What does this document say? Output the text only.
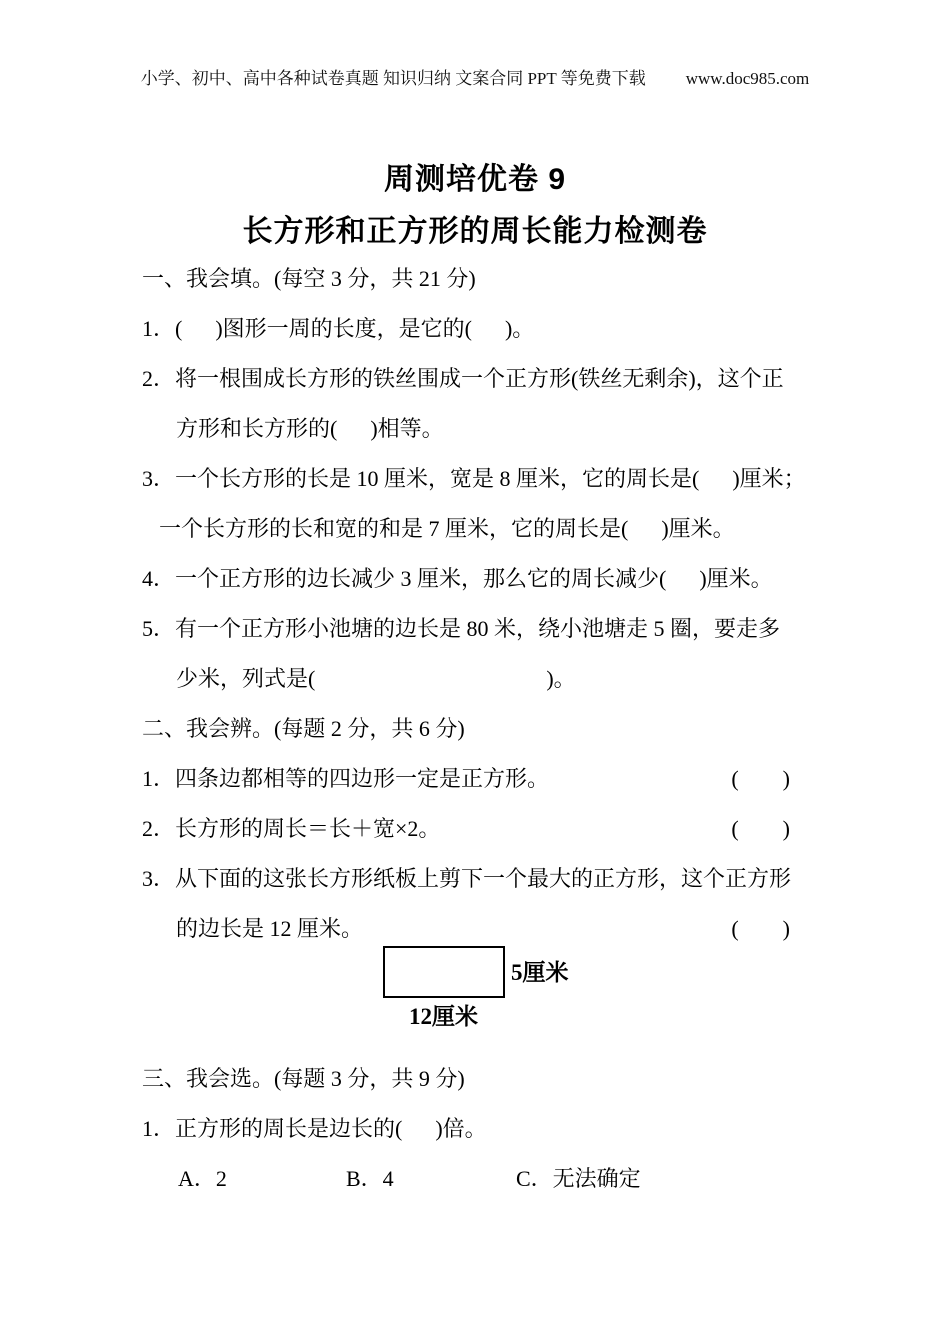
小学、初中、高中各种试卷真题 知识归纳 文案合同 PPT 等免费下载 www.doc985.com
周测培优卷 9
长方形和正方形的周长能力检测卷
一、我会填。(每空 3 分，共 21 分)
1．(      )图形一周的长度，是它的(      )。
2．将一根围成长方形的铁丝围成一个正方形(铁丝无剩余)，这个正
方形和长方形的(      )相等。
3．一个长方形的长是 10 厘米，宽是 8 厘米，它的周长是(      )厘米；
一个长方形的长和宽的和是 7 厘米，它的周长是(      )厘米。
4．一个正方形的边长减少 3 厘米，那么它的周长减少(      )厘米。
5．有一个正方形小池塘的边长是 80 米，绕小池塘走 5 圈，要走多
少米，列式是(                                          )。
二、我会辨。(每题 2 分，共 6 分)
1．四条边都相等的四边形一定是正方形。	(　　)
2．长方形的周长＝长＋宽×2。	(　　)
3．从下面的这张长方形纸板上剪下一个最大的正方形，这个正方形
的边长是 12 厘米。	(　　)
5厘米
12厘米
三、我会选。(每题 3 分，共 9 分)
1．正方形的周长是边长的(      )倍。
A．2	B．4	C．无法确定
